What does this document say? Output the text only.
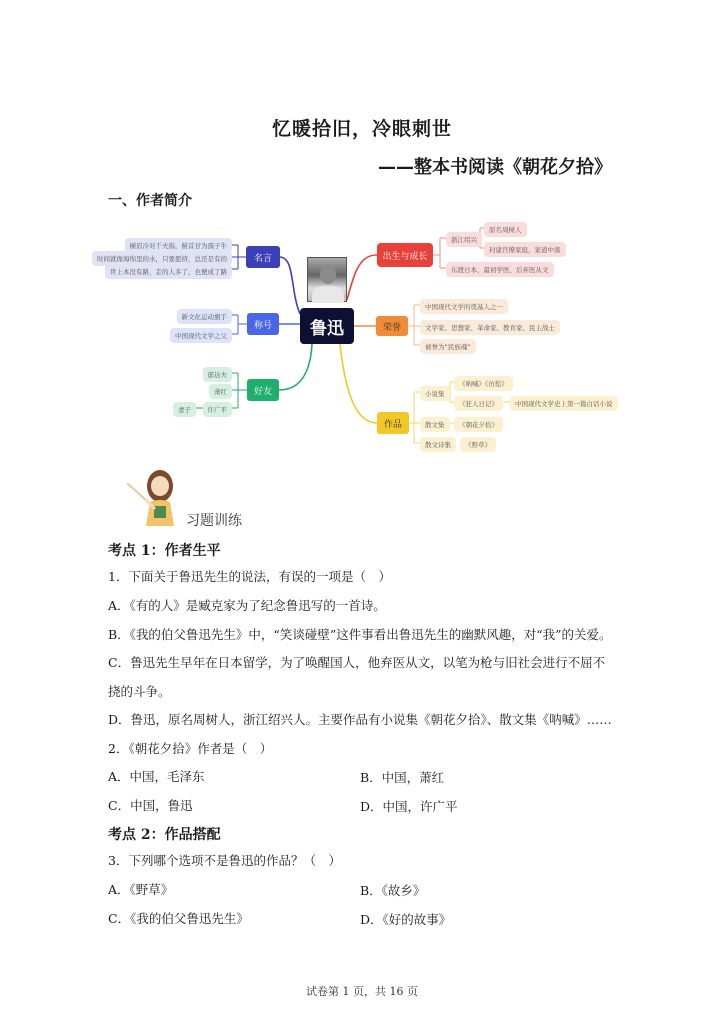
忆暖拾旧，冷眼刺世
——整本书阅读《朝花夕拾》
一、作者简介
鲁迅
名言
横眉冷对千夫指，俯首甘为孺子牛
时间就像海绵里的水，只要愿挤，总还是有的
世上本没有路，走的人多了，也便成了路
称号
新文化运动旗手
中国现代文学之父
好友
郁达夫
萧红
许广平
妻子
出生与成长
浙江绍兴
东渡日本，最初学医，后弃医从文
原名周树人
封建官僚家庭，家道中落
荣誉
中国现代文学的奠基人之一
文学家、思想家、革命家、教育家、民主战士
被誉为“民族魂”
作品
小说集
散文集
散文诗集
《呐喊》《彷徨》
《狂人日记》	中国现代文学史上第一篇白话小说
《朝花夕拾》
《野草》
习题训练
考点 1：作者生平
1．下面关于鲁迅先生的说法，有误的一项是（　）
A．《有的人》是臧克家为了纪念鲁迅写的一首诗。
B．《我的伯父鲁迅先生》中，“笑谈碰壁”这件事看出鲁迅先生的幽默风趣，对“我”的关爱。
C．鲁迅先生早年在日本留学，为了唤醒国人，他弃医从文，以笔为枪与旧社会进行不屈不
挠的斗争。
D．鲁迅，原名周树人，浙江绍兴人。主要作品有小说集《朝花夕拾》、散文集《呐喊》……
2．《朝花夕拾》作者是（　）
A．中国，毛泽东	B．中国，萧红
C．中国，鲁迅	D．中国，许广平
考点 2：作品搭配
3．下列哪个选项不是鲁迅的作品？（　）
A．《野草》	B．《故乡》
C．《我的伯父鲁迅先生》	D．《好的故事》
试卷第 1 页，共 16 页
